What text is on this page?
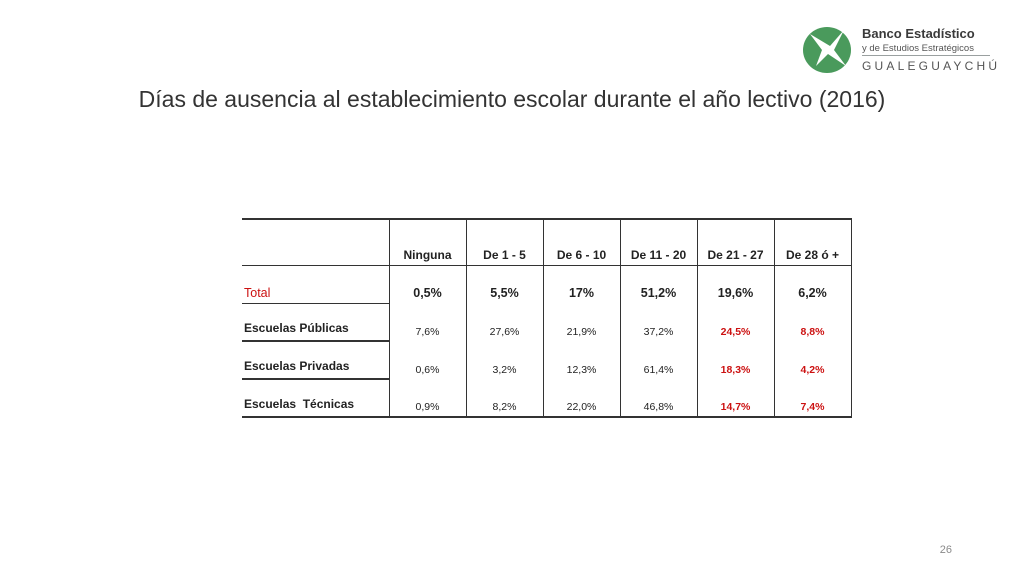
Banco Estadístico
y de Estudios Estratégicos
GUALEGUAYCHÚ
Días de ausencia al establecimiento escolar durante el año lectivo (2016)
	Ninguna	De 1 - 5	De 6 - 10	De 11 - 20	De 21 - 27	De 28 ó +
Total	0,5%	5,5%	17%	51,2%	19,6%	6,2%
Escuelas Públicas	7,6%	27,6%	21,9%	37,2%	24,5%	8,8%
Escuelas Privadas	0,6%	3,2%	12,3%	61,4%	18,3%	4,2%
Escuelas  Técnicas	0,9%	8,2%	22,0%	46,8%	14,7%	7,4%
26
